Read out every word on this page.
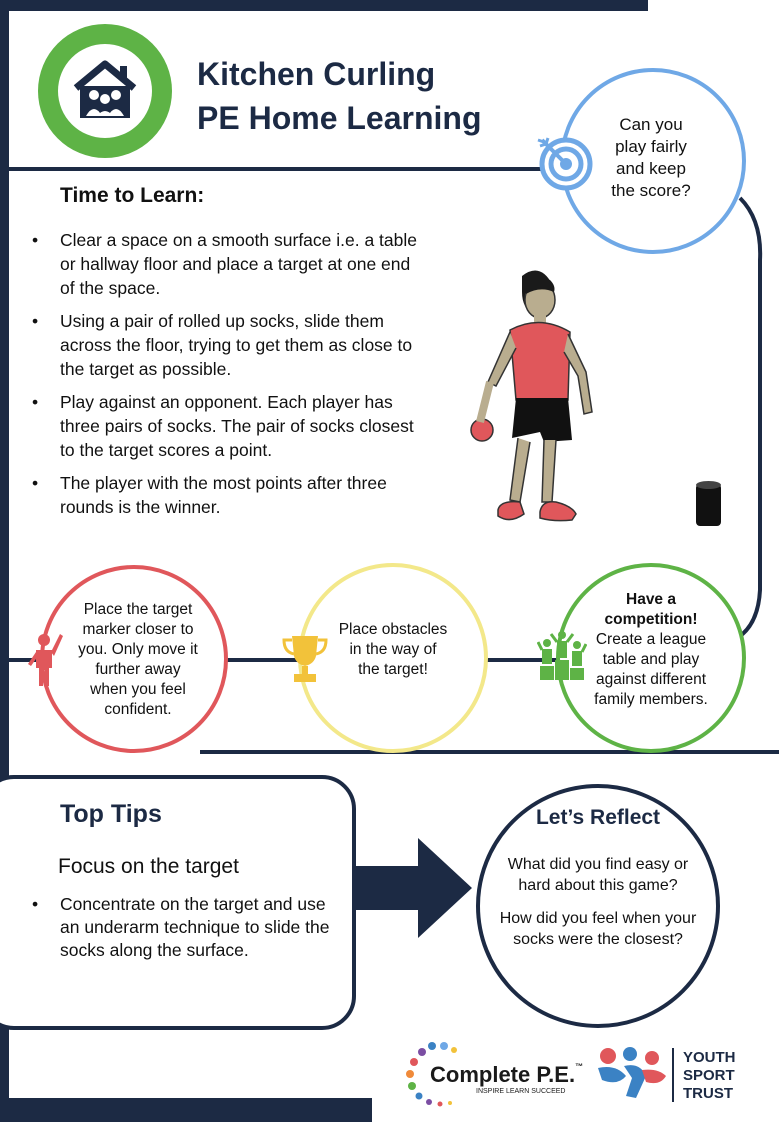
Kitchen Curling
PE Home Learning	Can you
play fairly
and keep
the score?
Time to Learn:
• Clear a space on a smooth surface i.e. a table or hallway floor and place a target at one end of the space.
• Using a pair of rolled up socks, slide them across the floor, trying to get them as close to the target as possible.
• Play against an opponent. Each player has three pairs of socks. The pair of socks closest to the target scores a point.
• The player with the most points after three rounds is the winner.
Place the target
marker closer to
you. Only move it
further away
when you feel
confident.
Place obstacles
in the way of
the target!
Have a
competition!
Create a league
table and play
against different
family members.
Top Tips
Focus on the target
•	Concentrate on the target and use an underarm technique to slide the socks along the surface.
Let’s Reflect
What did you find easy or hard about this game?
How did you feel when your socks were the closest?
Complete P.E.™
INSPIRE LEARN SUCCEED
YOUTH
SPORT
TRUST
